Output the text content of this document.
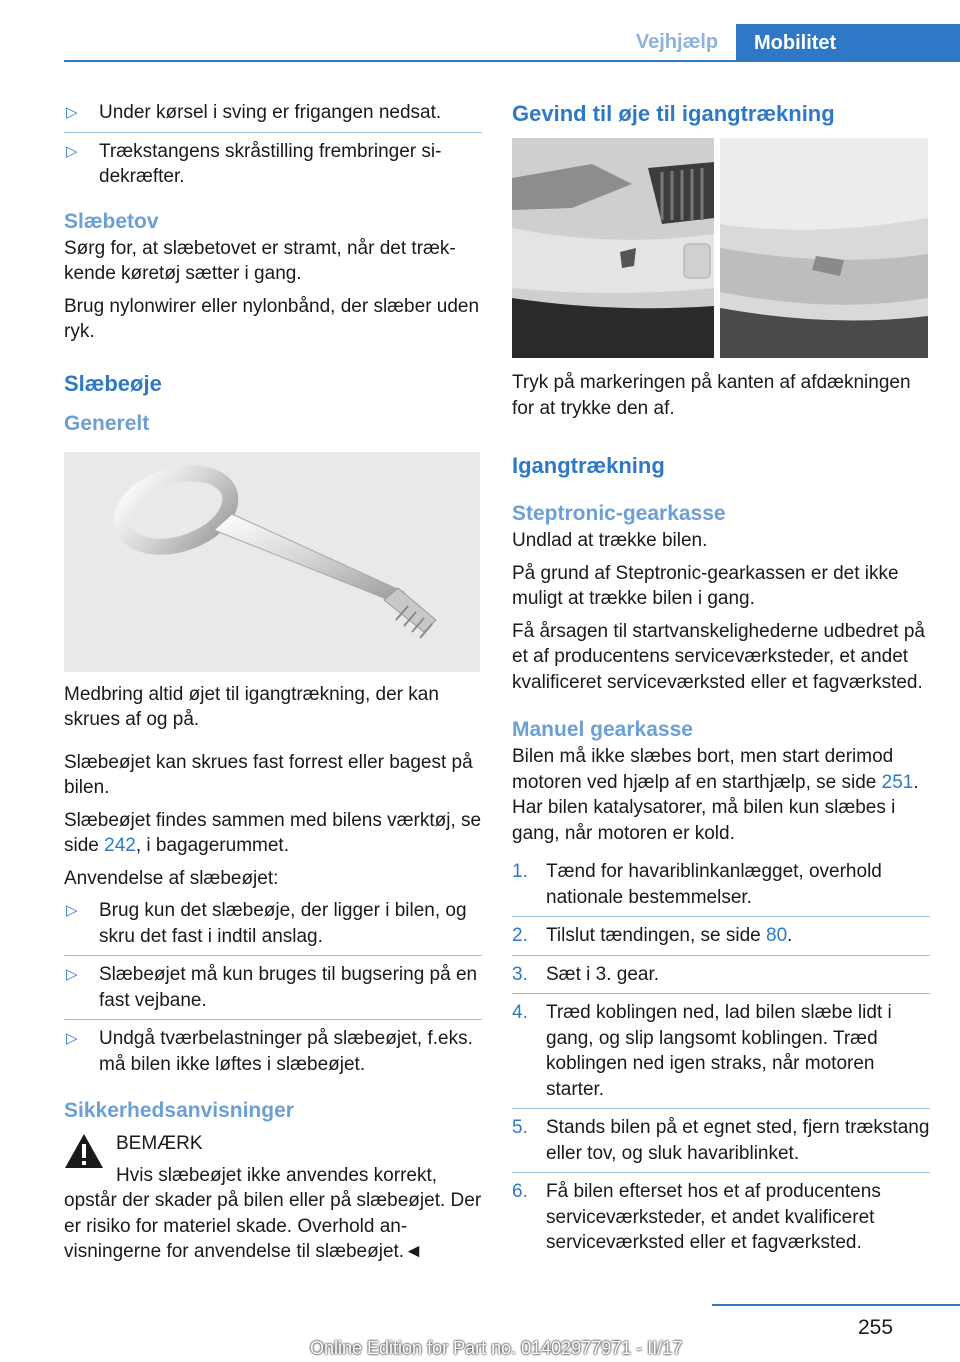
Vejhjælp	Mobilitet
▷ Under kørsel i sving er frigangen nedsat.
▷ Trækstangens skråstilling frembringer sidekræfter.
Slæbetov

Sørg for, at slæbetovet er stramt, når det trækkende køretøj sætter i gang.

Brug nylonwirer eller nylonbånd, der slæber uden ryk.

Slæbeøje
Generelt

Medbring altid øjet til igangtrækning, der kan skrues af og på.

Slæbeøjet kan skrues fast forrest eller bagest på bilen.

Slæbeøjet findes sammen med bilens værktøj, se side 242, i bagagerummet.

Anvendelse af slæbeøjet:

▷ Brug kun det slæbeøje, der ligger i bilen, og skru det fast i indtil anslag.
▷ Slæbeøjet må kun bruges til bugsering på en fast vejbane.
▷ Undgå tværbelastninger på slæbeøjet, f.eks. må bilen ikke løftes i slæbeøjet.
Sikkerhedsanvisninger
BEMÆRK
Hvis slæbeøjet ikke anvendes korrekt, opstår der skader på bilen eller på slæbeøjet. Der er risiko for materiel skade. Overhold anvisningerne for anvendelse til slæbeøjet.◄
Gevind til øje til igangtrækning

Tryk på markeringen på kanten af afdækningen for at trykke den af.

Igangtrækning
Steptronic-gearkasse

Undlad at trække bilen.

På grund af Steptronic-gearkassen er det ikke muligt at trække bilen i gang.

Få årsagen til startvanskelighederne udbedret på et af producentens serviceværksteder, et andet kvalificeret serviceværksted eller et fagværksted.

Manuel gearkasse

Bilen må ikke slæbes bort, men start derimod motoren ved hjælp af en starthjælp, se side 251. Har bilen katalysatorer, må bilen kun slæbes i gang, når motoren er kold.

1. Tænd for havariblinkanlægget, overhold nationale bestemmelser.
2. Tilslut tændingen, se side 80.
3. Sæt i 3. gear.
4. Træd koblingen ned, lad bilen slæbe lidt i gang, og slip langsomt koblingen. Træd koblingen ned igen straks, når motoren starter.
5. Stands bilen på et egnet sted, fjern trækstang eller tov, og sluk havariblinket.
6. Få bilen efterset hos et af producentens serviceværksteder, et andet kvalificeret serviceværksted eller et fagværksted.
255
Online Edition for Part no. 01402977971 - II/17
